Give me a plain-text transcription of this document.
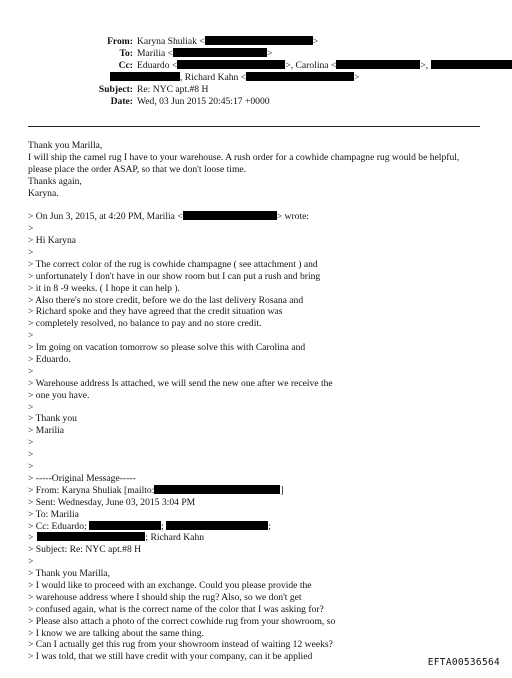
From: Karyna Shuliak <	>
To: Marilia <	>
Cc: Eduardo <	>, Carolina <	>,
, Richard Kahn <	>
Subject: Re: NYC apt.#8 H
Date: Wed, 03 Jun 2015 20:45:17 +0000
Thank you Marilla,
I will ship the camel rug I have to your warehouse. A rush order for a cowhide champagne rug would be helpful,
please place the order ASAP, so that we don't loose time.
Thanks again,
Karyna.
> On Jun 3, 2015, at 4:20 PM, Marilia <	> wrote:
>
> Hi Karyna
>
> The correct color of the rug is cowhide champagne ( see attachment ) and
> unfortunately I don't have in our show room but I can put a rush and bring
> it in 8 -9 weeks. ( I hope it can help ).
> Also there's no store credit, before we do the last delivery Rosana and
> Richard spoke and they have agreed that the credit situation was
> completely resolved, no balance to pay and no store credit.
>
> Im going on vacation tomorrow so please solve this with Carolina and
> Eduardo.
>
> Warehouse address Is attached, we will send the new one after we receive the
> one you have.
>
> Thank you
> Marilia
>
>
>
> -----Original Message-----
> From: Karyna Shuliak [mailto:	]
> Sent: Wednesday, June 03, 2015 3:04 PM
> To: Marilia
> Cc: Eduardo;	;	;
>	; Richard Kahn
> Subject: Re: NYC apt.#8 H
>
> Thank you Marilla,
> I would like to proceed with an exchange. Could you please provide the
> warehouse address where I should ship the rug? Also, so we don't get
> confused again, what is the correct name of the color that I was asking for?
> Please also attach a photo of the correct cowhide rug from your showroom, so
> I know we are talking about the same thing.
> Can I actually get this rug from your showroom instead of waiting 12 weeks?
> I was told, that we still have credit with your company, can it be applied
EFTA00536564
